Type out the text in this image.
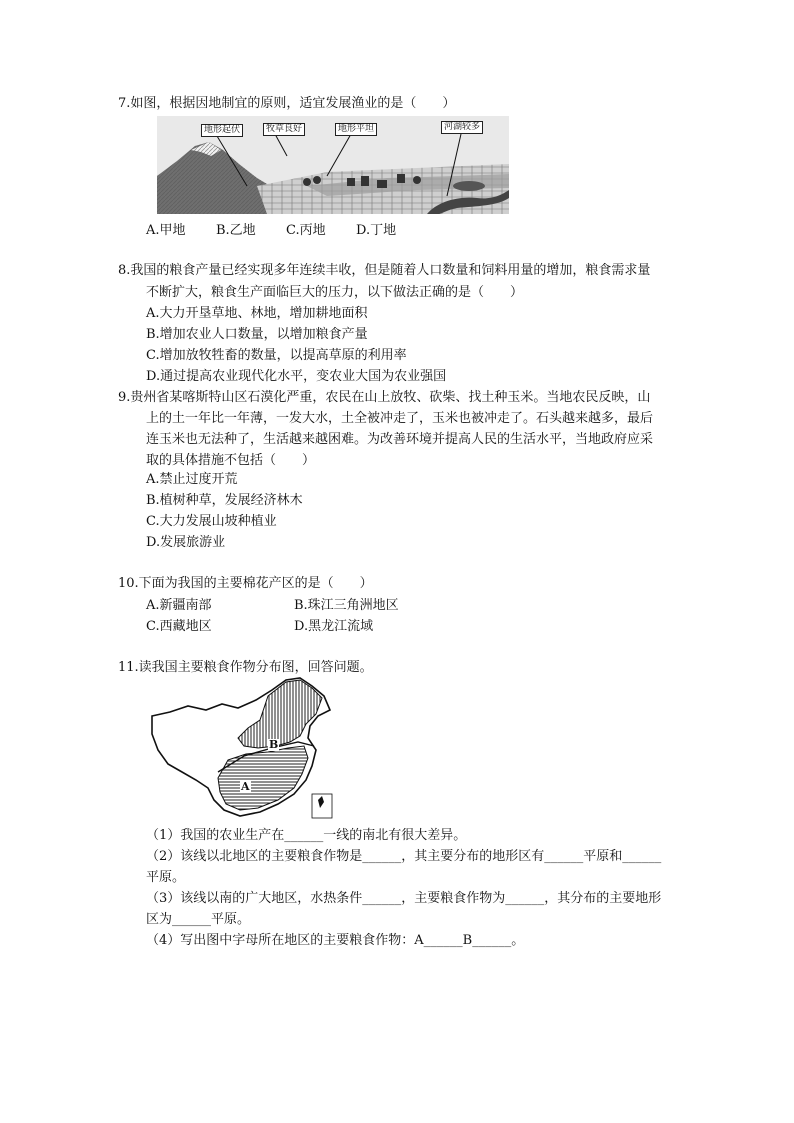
7.如图，根据因地制宜的原则，适宜发展渔业的是（　　）
地形起伏	牧草良好	地形平坦	河湖较多
A.甲地 B.乙地 C.丙地 D.丁地
8.我国的粮食产量已经实现多年连续丰收，但是随着人口数量和饲料用量的增加，粮食需求量
不断扩大，粮食生产面临巨大的压力，以下做法正确的是（　　）
A.大力开垦草地、林地，增加耕地面积
B.增加农业人口数量，以增加粮食产量
C.增加放牧牲畜的数量，以提高草原的利用率
D.通过提高农业现代化水平，变农业大国为农业强国
9.贵州省某喀斯特山区石漠化严重，农民在山上放牧、砍柴、找土种玉米。当地农民反映，山
上的土一年比一年薄，一发大水，土全被冲走了，玉米也被冲走了。石头越来越多，最后
连玉米也无法种了，生活越来越困难。为改善环境并提高人民的生活水平，当地政府应采
取的具体措施不包括（　　）
A.禁止过度开荒
B.植树种草，发展经济林木
C.大力发展山坡种植业
D.发展旅游业
10.下面为我国的主要棉花产区的是（　　）
A.新疆南部	B.珠江三角洲地区
C.西藏地区	D.黑龙江流域
11.读我国主要粮食作物分布图，回答问题。
A
B
（1）我国的农业生产在______一线的南北有很大差异。
（2）该线以北地区的主要粮食作物是______，其主要分布的地形区有______平原和______
平原。
（3）该线以南的广大地区，水热条件______，主要粮食作物为______，其分布的主要地形
区为______平原。
（4）写出图中字母所在地区的主要粮食作物：A______B______。
